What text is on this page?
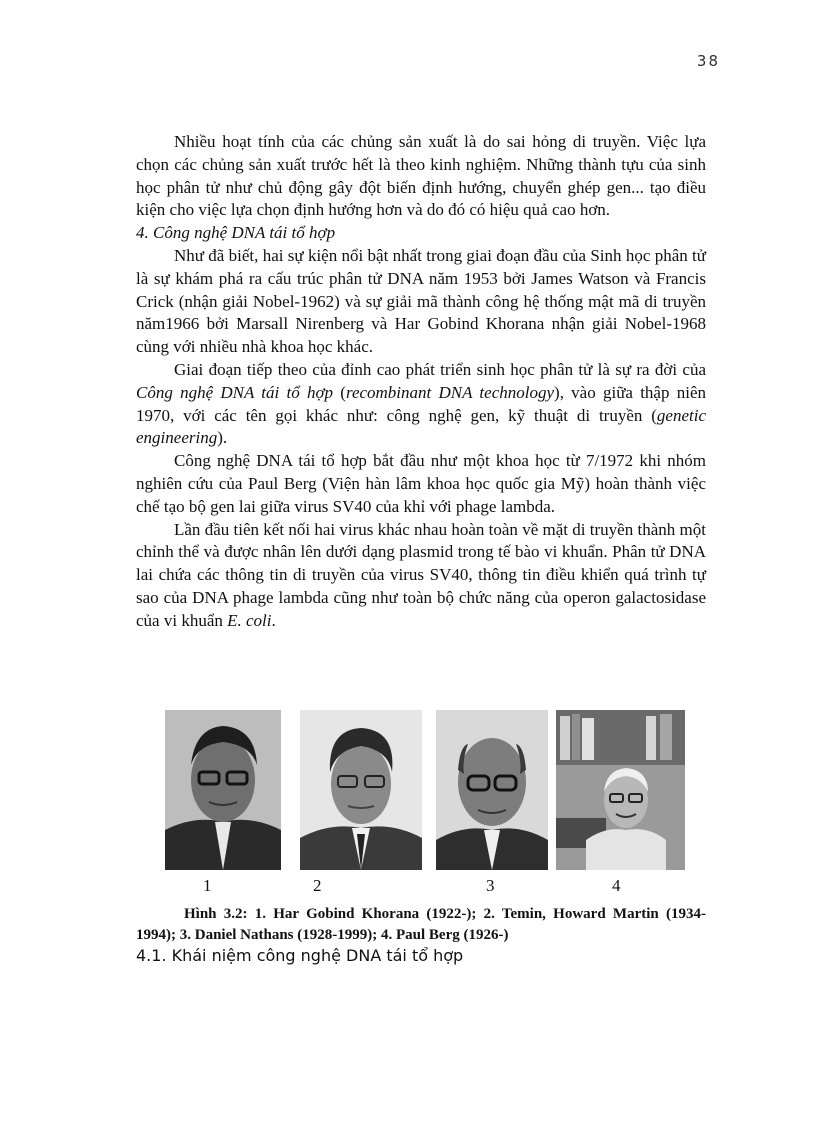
38

Nhiều hoạt tính của các chủng sản xuất là do sai hỏng di truyền. Việc lựa chọn các chủng sản xuất trước hết là theo kinh nghiệm. Những thành tựu của sinh học phân tử như chủ động gây đột biến định hướng, chuyển ghép gen... tạo điều kiện cho việc lựa chọn định hướng hơn và do đó có hiệu quả cao hơn.

4. Công nghệ DNA tái tổ hợp

Như đã biết, hai sự kiện nổi bật nhất trong giai đoạn đầu của Sinh học phân tử là sự khám phá ra cấu trúc phân tử DNA năm 1953 bởi James Watson và Francis Crick (nhận giải Nobel-1962) và sự giải mã thành công hệ thống mật mã di truyền năm1966 bởi Marsall Nirenberg và Har Gobind Khorana nhận giải Nobel-1968 cùng với nhiều nhà khoa học khác.

Giai đoạn tiếp theo của đỉnh cao phát triển sinh học phân tử là sự ra đời của Công nghệ DNA tái tổ hợp (recombinant DNA technology), vào giữa thập niên 1970, với các tên gọi khác như: công nghệ gen, kỹ thuật di truyền (genetic engineering).

Công nghệ DNA tái tổ hợp bắt đầu như một khoa học từ 7/1972 khi nhóm nghiên cứu của Paul Berg (Viện hàn lâm khoa học quốc gia Mỹ) hoàn thành việc chế tạo bộ gen lai giữa virus SV40 của khỉ với phage lambda.

Lần đầu tiên kết nối hai virus khác nhau hoàn toàn về mặt di truyền thành một chỉnh thể và được nhân lên dưới dạng plasmid trong tế bào vi khuẩn. Phân tử DNA lai chứa các thông tin di truyền của virus SV40, thông tin điều khiển quá trình tự sao của DNA phage lambda cũng như toàn bộ chức năng của operon galactosidase của vi khuẩn E. coli.

1	2	3	4

Hình 3.2: 1. Har Gobind Khorana (1922-); 2. Temin, Howard Martin (1934-1994); 3. Daniel Nathans (1928-1999); 4. Paul Berg (1926-)

4.1. Khái niệm công nghệ DNA tái tổ hợp
